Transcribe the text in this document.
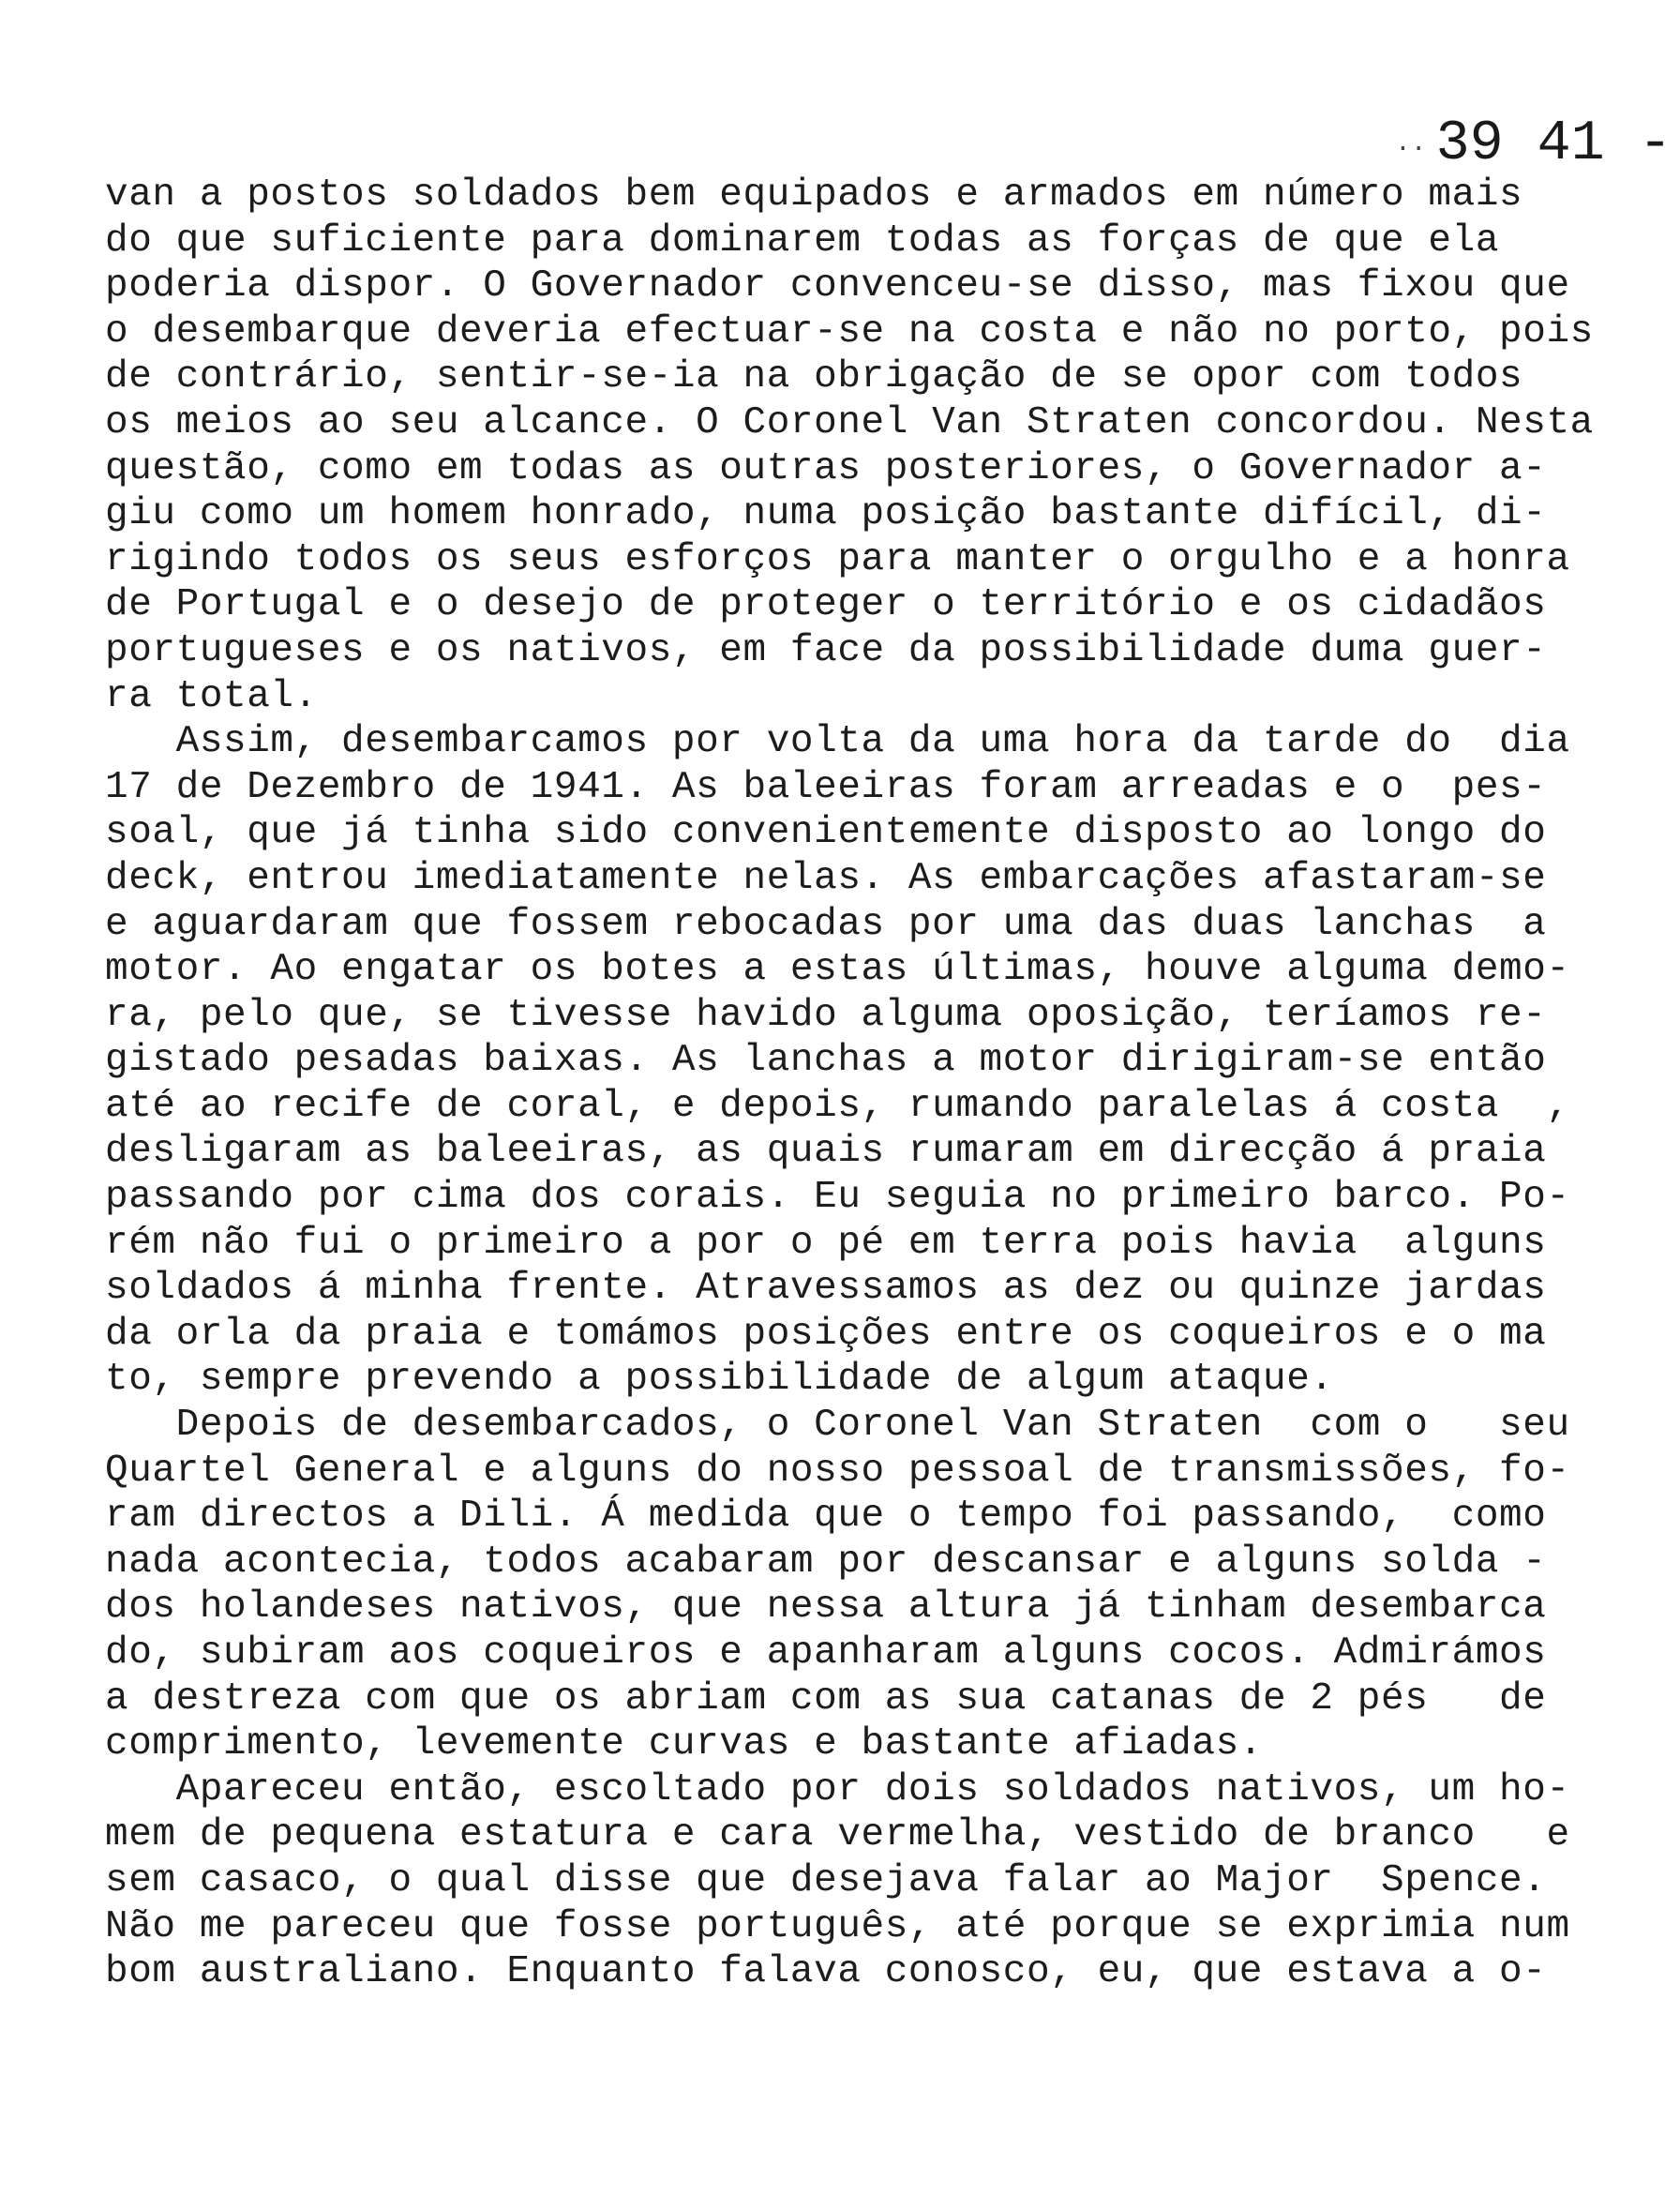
.. 39 41 -
van a postos soldados bem equipados e armados em número mais
do que suficiente para dominarem todas as forças de que ela
poderia dispor. O Governador convenceu-se disso, mas fixou que
o desembarque deveria efectuar-se na costa e não no porto, pois
de contrário, sentir-se-ia na obrigação de se opor com todos
os meios ao seu alcance. O Coronel Van Straten concordou. Nesta
questão, como em todas as outras posteriores, o Governador a-
giu como um homem honrado, numa posição bastante difícil, di-
rigindo todos os seus esforços para manter o orgulho e a honra
de Portugal e o desejo de proteger o território e os cidadãos
portugueses e os nativos, em face da possibilidade duma guer-
ra total.
Assim, desembarcamos por volta da uma hora da tarde do  dia
17 de Dezembro de 1941. As baleeiras foram arreadas e o  pes-
soal, que já tinha sido convenientemente disposto ao longo do
deck, entrou imediatamente nelas. As embarcações afastaram-se
e aguardaram que fossem rebocadas por uma das duas lanchas  a
motor. Ao engatar os botes a estas últimas, houve alguma demo-
ra, pelo que, se tivesse havido alguma oposição, teríamos re-
gistado pesadas baixas. As lanchas a motor dirigiram-se então
até ao recife de coral, e depois, rumando paralelas á costa  ,
desligaram as baleeiras, as quais rumaram em direcção á praia
passando por cima dos corais. Eu seguia no primeiro barco. Po-
rém não fui o primeiro a por o pé em terra pois havia  alguns
soldados á minha frente. Atravessamos as dez ou quinze jardas
da orla da praia e tomámos posições entre os coqueiros e o ma
to, sempre prevendo a possibilidade de algum ataque.
Depois de desembarcados, o Coronel Van Straten  com o   seu
Quartel General e alguns do nosso pessoal de transmissões, fo-
ram directos a Dili. Á medida que o tempo foi passando,  como
nada acontecia, todos acabaram por descansar e alguns solda -
dos holandeses nativos, que nessa altura já tinham desembarca
do, subiram aos coqueiros e apanharam alguns cocos. Admirámos
a destreza com que os abriam com as sua catanas de 2 pés   de
comprimento, levemente curvas e bastante afiadas.
Apareceu então, escoltado por dois soldados nativos, um ho-
mem de pequena estatura e cara vermelha, vestido de branco   e
sem casaco, o qual disse que desejava falar ao Major  Spence.
Não me pareceu que fosse português, até porque se exprimia num
bom australiano. Enquanto falava conosco, eu, que estava a o-
